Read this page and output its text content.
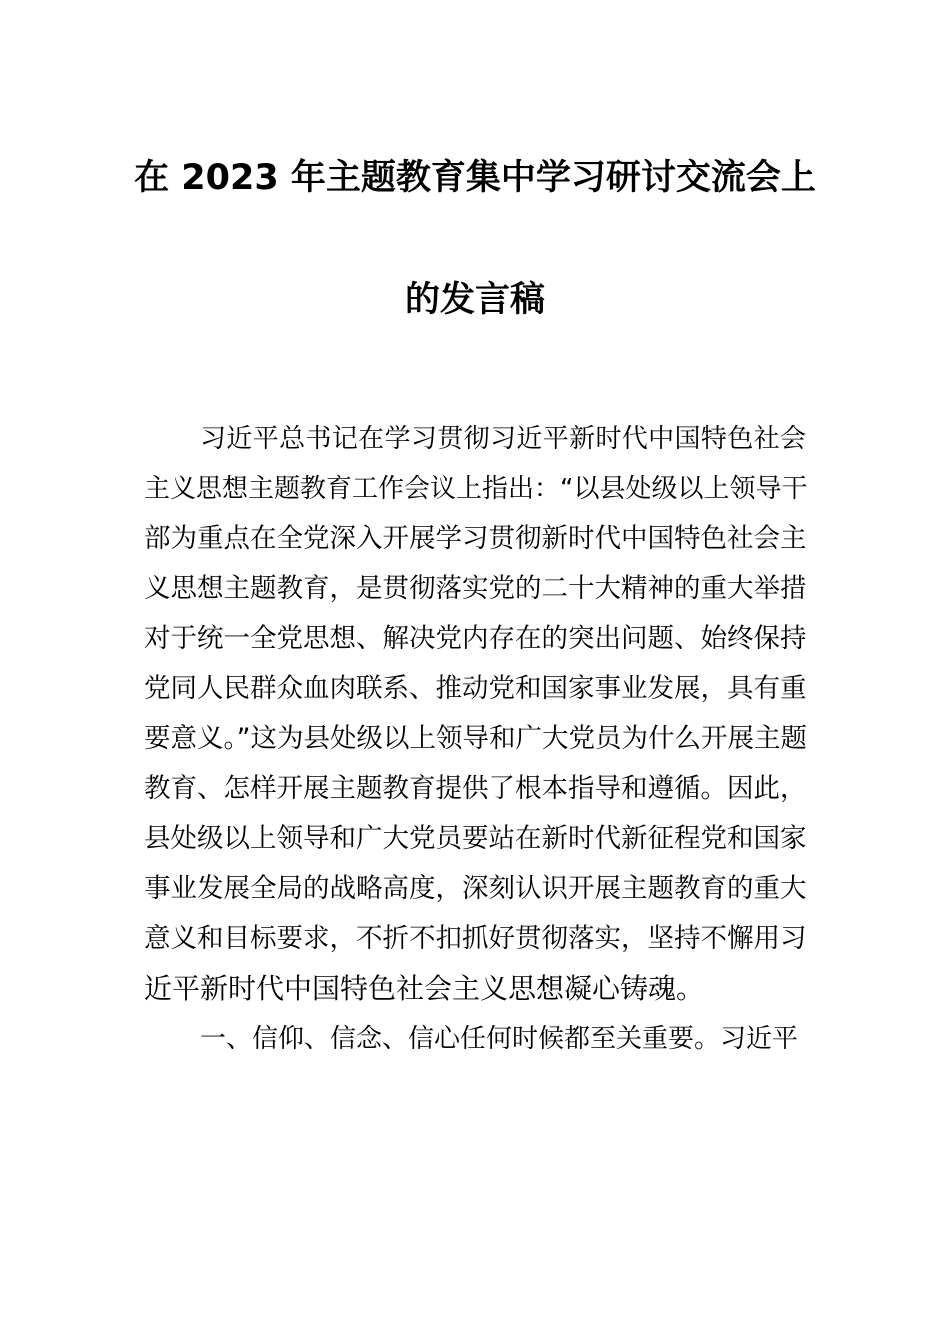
在 2023 年主题教育集中学习研讨交流会上
的发言稿
习近平总书记在学习贯彻习近平新时代中国特色社会
主义思想主题教育工作会议上指出：“以县处级以上领导干
部为重点在全党深入开展学习贯彻新时代中国特色社会主
义思想主题教育，是贯彻落实党的二十大精神的重大举措
对于统一全党思想、解决党内存在的突出问题、始终保持
党同人民群众血肉联系、推动党和国家事业发展，具有重
要意义。”这为县处级以上领导和广大党员为什么开展主题
教育、怎样开展主题教育提供了根本指导和遵循。因此，
县处级以上领导和广大党员要站在新时代新征程党和国家
事业发展全局的战略高度，深刻认识开展主题教育的重大
意义和目标要求，不折不扣抓好贯彻落实，坚持不懈用习
近平新时代中国特色社会主义思想凝心铸魂。
一、信仰、信念、信心任何时候都至关重要。习近平
